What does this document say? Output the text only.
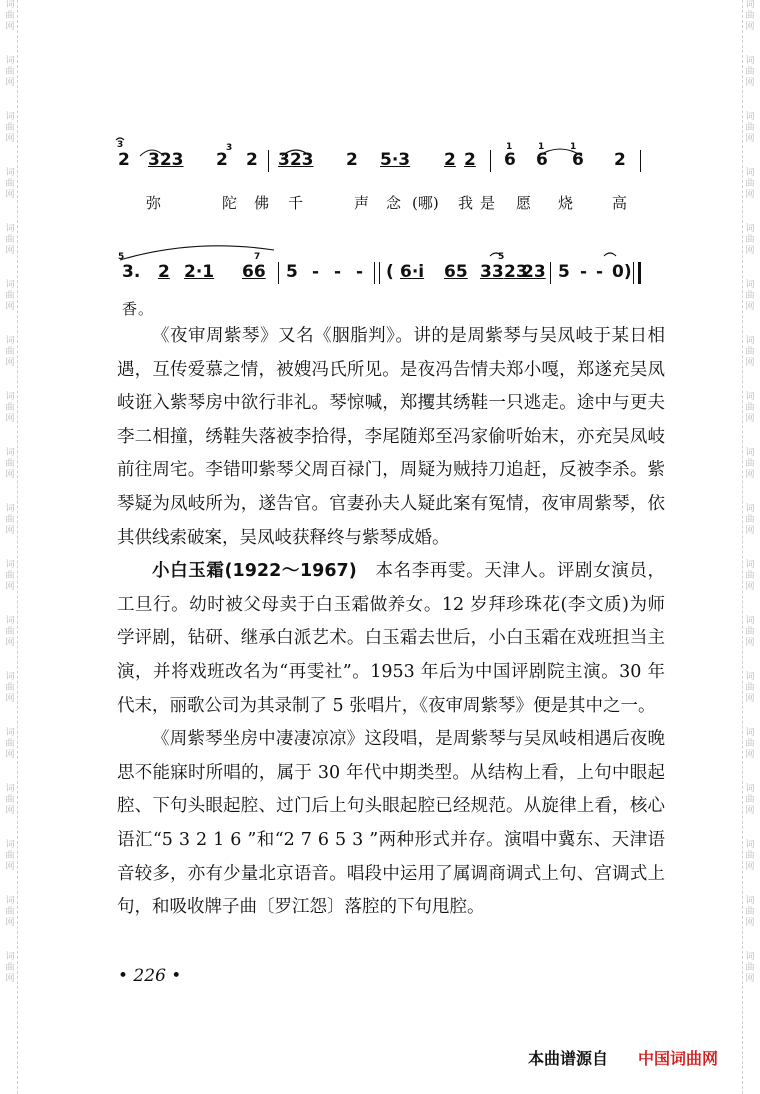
词
曲
网
词
曲
网
词
曲
网
词
曲
网
词
曲
网
词
曲
网
词
曲
网
词
曲
网
词
曲
网
词
曲
网
词
曲
网
词
曲
网
词
曲
网
词
曲
网
词
曲
网
词
曲
网
词
曲
网
词
曲
网
词
曲
网
词
曲
网
词
曲
网
词
曲
网
词
曲
网
词
曲
网
词
曲
网
词
曲
网
词
曲
网
词
曲
网
词
曲
网
词
曲
网
词
曲
网
词
曲
网
词
曲
网
词
曲
网
词
曲
网
词
曲
网
3	3	1	1	1
2 323 2 2 323 2 5·3 2 2 6 6 6 2
弥	陀 佛 千	声 念 (哪) 我 是 愿 烧	高
5	7	5
3. 2 2·1 66 5 - - - ( 6·i 65 33 23
23 5 - - 0)
香 。

《夜审周紫琴》又名《胭脂判》。讲的是周紫琴与吴凤岐于某日相遇，互传爱慕之情，被嫂冯氏所见。是夜冯告情夫郑小嘎，郑遂充吴凤岐诳入紫琴房中欲行非礼。琴惊喊，郑攫其绣鞋一只逃走。途中与更夫李二相撞，绣鞋失落被李拾得，李尾随郑至冯家偷听始末，亦充吴凤岐前往周宅。李错叩紫琴父周百禄门，周疑为贼持刀追赶，反被李杀。紫琴疑为凤岐所为，遂告官。官妻孙夫人疑此案有冤情，夜审周紫琴，依其供线索破案，吴凤岐获释终与紫琴成婚。

小白玉霜(1922～1967)　本名李再雯。天津人。评剧女演员，工旦行。幼时被父母卖于白玉霜做养女。12 岁拜珍珠花(李文质)为师学评剧，钻研、继承白派艺术。白玉霜去世后，小白玉霜在戏班担当主演，并将戏班改名为“再雯社”。1953 年后为中国评剧院主演。30 年代末，丽歌公司为其录制了 5 张唱片，《夜审周紫琴》便是其中之一。

《周紫琴坐房中凄凄凉凉》这段唱，是周紫琴与吴凤岐相遇后夜晚思不能寐时所唱的，属于 30 年代中期类型。从结构上看，上句中眼起腔、下句头眼起腔、过门后上句头眼起腔已经规范。从旋律上看，核心语汇“5 3 2 1 6 ”和“2 7 6 5 3 ”两种形式并存。演唱中冀东、天津语音较多，亦有少量北京语音。唱段中运用了属调商调式上句、宫调式上句，和吸收牌子曲〔罗江怨〕落腔的下句甩腔。

• 226 •
本曲谱源自 中国词曲网
